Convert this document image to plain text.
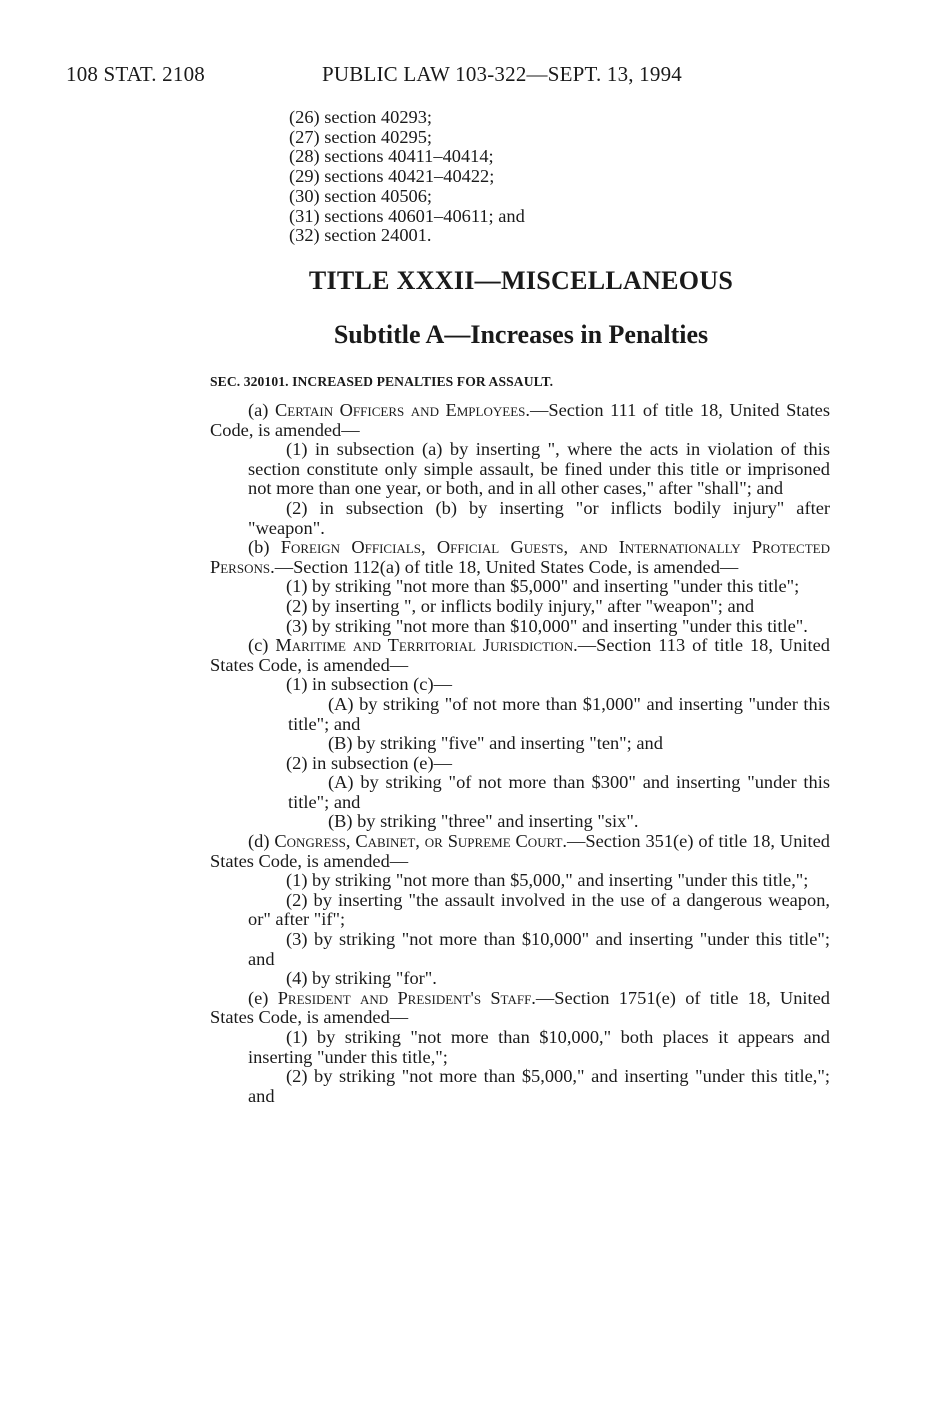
108 STAT. 2108	PUBLIC LAW 103-322—SEPT. 13, 1994
(26) section 40293;
(27) section 40295;
(28) sections 40411–40414;
(29) sections 40421–40422;
(30) section 40506;
(31) sections 40601–40611; and
(32) section 24001.
TITLE XXXII—MISCELLANEOUS
Subtitle A—Increases in Penalties
SEC. 320101. INCREASED PENALTIES FOR ASSAULT.

(a) Certain Officers and Employees.—Section 111 of title 18, United States Code, is amended—

(1) in subsection (a) by inserting ", where the acts in violation of this section constitute only simple assault, be fined under this title or imprisoned not more than one year, or both, and in all other cases," after "shall"; and

(2) in subsection (b) by inserting "or inflicts bodily injury" after "weapon".

(b) Foreign Officials, Official Guests, and Internationally Protected Persons.—Section 112(a) of title 18, United States Code, is amended—

(1) by striking "not more than $5,000" and inserting "under this title";

(2) by inserting ", or inflicts bodily injury," after "weapon"; and

(3) by striking "not more than $10,000" and inserting "under this title".

(c) Maritime and Territorial Jurisdiction.—Section 113 of title 18, United States Code, is amended—

(1) in subsection (c)—

(A) by striking "of not more than $1,000" and inserting "under this title"; and

(B) by striking "five" and inserting "ten"; and

(2) in subsection (e)—

(A) by striking "of not more than $300" and inserting "under this title"; and

(B) by striking "three" and inserting "six".

(d) Congress, Cabinet, or Supreme Court.—Section 351(e) of title 18, United States Code, is amended—

(1) by striking "not more than $5,000," and inserting "under this title,";

(2) by inserting "the assault involved in the use of a dangerous weapon, or" after "if";

(3) by striking "not more than $10,000" and inserting "under this title"; and

(4) by striking "for".

(e) President and President's Staff.—Section 1751(e) of title 18, United States Code, is amended—

(1) by striking "not more than $10,000," both places it appears and inserting "under this title,";

(2) by striking "not more than $5,000," and inserting "under this title,"; and
